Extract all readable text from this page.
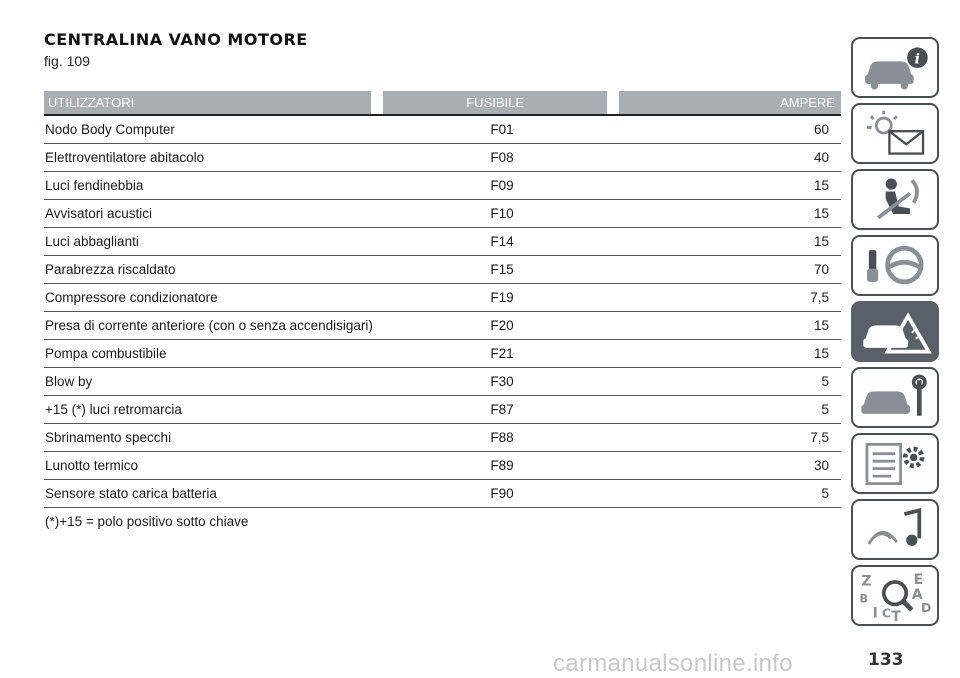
CENTRALINA VANO MOTORE
fig. 109
UTILIZZATORI	FUSIBILE	AMPERE
Nodo Body Computer	F01	60
Elettroventilatore abitacolo	F08	40
Luci fendinebbia	F09	15
Avvisatori acustici	F10	15
Luci abbaglianti	F14	15
Parabrezza riscaldato	F15	70
Compressore condizionatore	F19	7,5
Presa di corrente anteriore (con o senza accendisigari)	F20	15
Pompa combustibile	F21	15
Blow by	F30	5
+15 (*) luci retromarcia	F87	5
Sbrinamento specchi	F88	7,5
Lunotto termico	F89	30
Sensore stato carica batteria	F90	5
(*)+15 = polo positivo sotto chiave
i
Z	E
B	A
D
I C T
carmanualsonline.info	133
